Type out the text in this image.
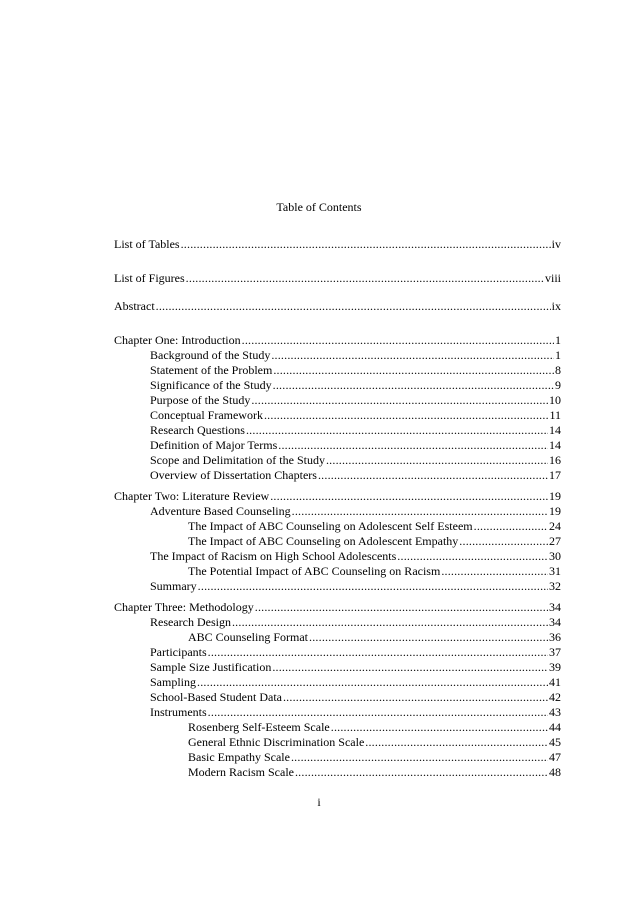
Table of Contents
List of Tables .....	iv
List of Figures .....	viii
Abstract .....	ix
Chapter One: Introduction .....	1
Background of the Study .....	1
Statement of the Problem .....	8
Significance of the Study .....	9
Purpose of the Study .....	10
Conceptual Framework .....	11
Research Questions .....	14
Definition of Major Terms .....	14
Scope and Delimitation of the Study .....	16
Overview of Dissertation Chapters .....	17
Chapter Two: Literature Review .....	19
Adventure Based Counseling .....	19
The Impact of ABC Counseling on Adolescent Self Esteem .....	24
The Impact of ABC Counseling on Adolescent Empathy .....	27
The Impact of Racism on High School Adolescents .....	30
The Potential Impact of ABC Counseling on Racism .....	31
Summary .....	32
Chapter Three: Methodology .....	34
Research Design .....	34
ABC Counseling Format .....	36
Participants .....	37
Sample Size Justification .....	39
Sampling .....	41
School-Based Student Data .....	42
Instruments .....	43
Rosenberg Self-Esteem Scale .....	44
General Ethnic Discrimination Scale .....	45
Basic Empathy Scale .....	47
Modern Racism Scale .....	48
i
